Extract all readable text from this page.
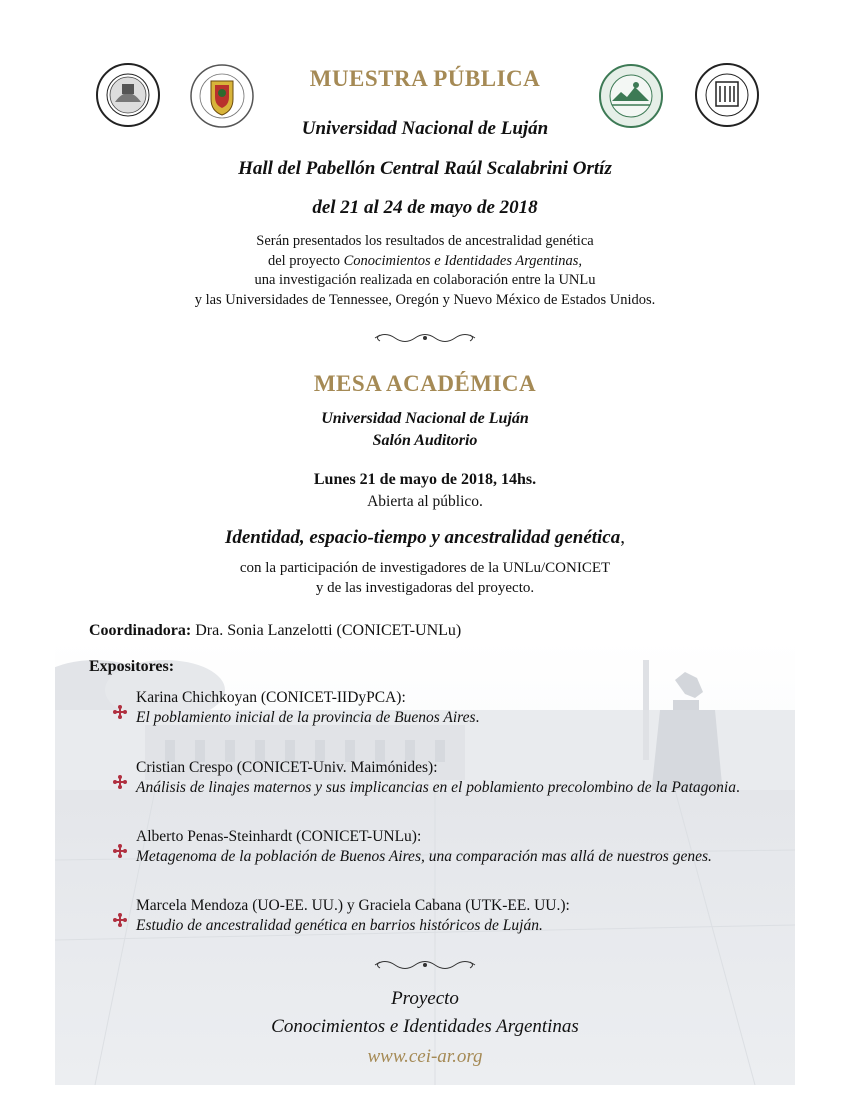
MUESTRA PÚBLICA
Universidad Nacional de Luján
Hall del Pabellón Central Raúl Scalabrini Ortíz
del 21 al 24 de mayo de 2018
Serán presentados los resultados de ancestralidad genética
del proyecto Conocimientos e Identidades Argentinas,
una investigación realizada en colaboración entre la UNLu
y las Universidades de Tennessee, Oregón y Nuevo México de Estados Unidos.
MESA ACADÉMICA
Universidad Nacional de Luján
Salón Auditorio
Lunes 21 de mayo de 2018, 14hs.
Abierta al público.
Identidad, espacio-tiempo y ancestralidad genética,
con la participación de investigadores de la UNLu/CONICET
y de las investigadoras del proyecto.
Coordinadora: Dra. Sonia Lanzelotti (CONICET-UNLu)
Expositores:
Karina Chichkoyan (CONICET-IIDyPCA):
El poblamiento inicial de la provincia de Buenos Aires.
Cristian Crespo (CONICET-Univ. Maimónides):
Análisis de linajes maternos y sus implicancias en el poblamiento precolombino de la Patagonia.
Alberto Penas-Steinhardt (CONICET-UNLu):
Metagenoma de la población de Buenos Aires, una comparación mas allá de nuestros genes.
Marcela Mendoza (UO-EE. UU.) y Graciela Cabana (UTK-EE. UU.):
Estudio de ancestralidad genética en barrios históricos de Luján.
Proyecto
Conocimientos e Identidades Argentinas
www.cei-ar.org
